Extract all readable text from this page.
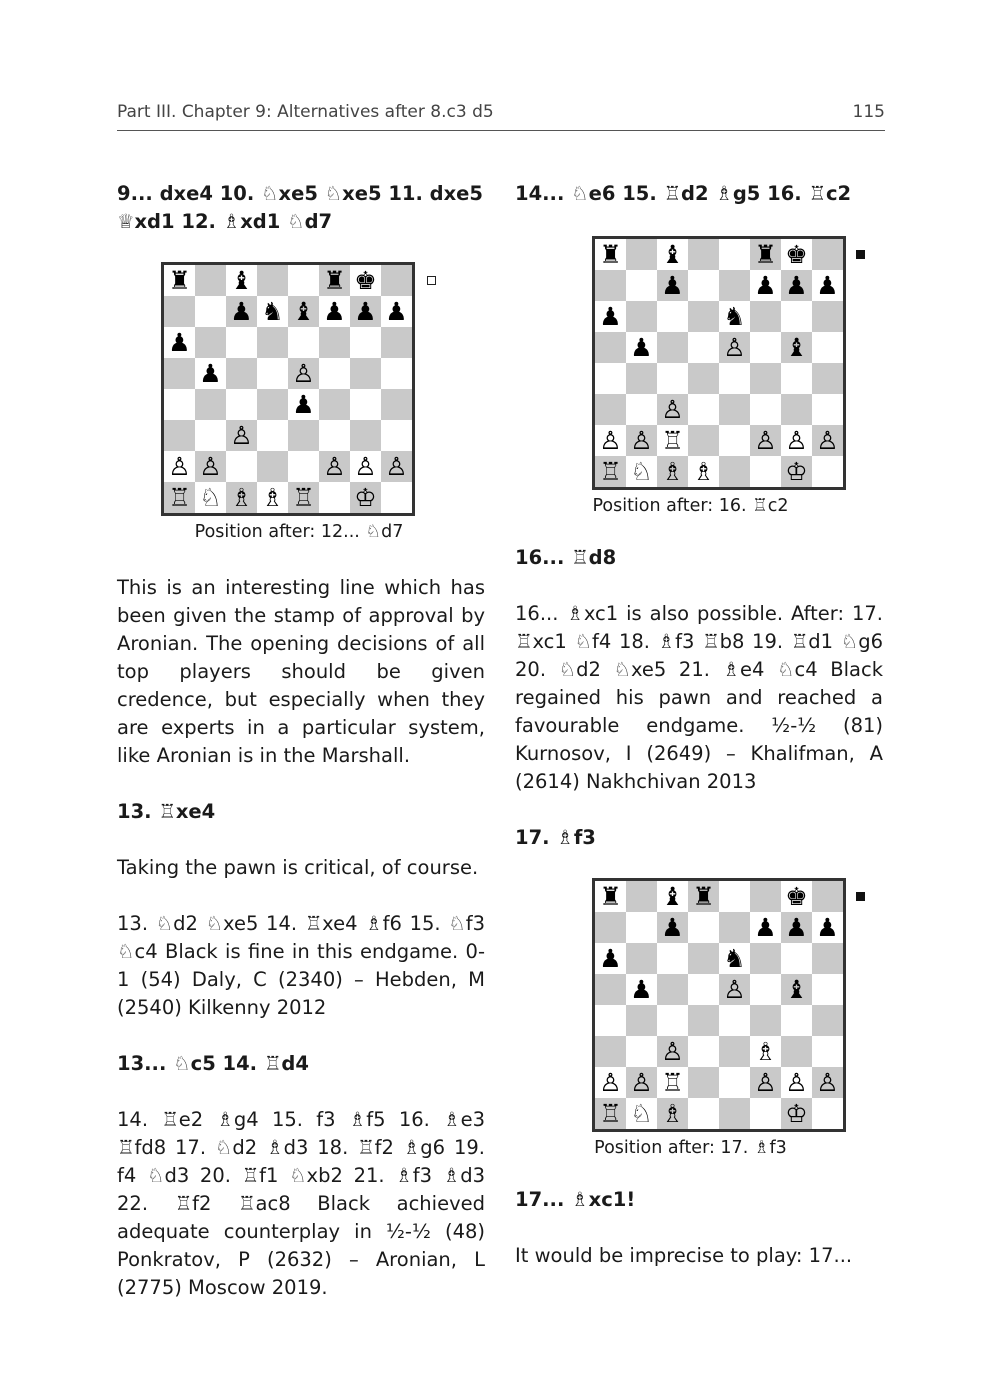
Part III. Chapter 9: Alternatives after 8.c3 d5	115

9... dxe4 10. ♘xe5 ♘xe5 11. dxe5 ♕xd1 12. ♗xd1 ♘d7

♜ ♝	♜ ♚
♟ ♞ ♝ ♟ ♟ ♟
♟
♟	♙
♟
♙
♙ ♙	♙ ♙ ♙
♖ ♘ ♗ ♗ ♖ ♔
Position after: 12... ♘d7

This is an interesting line which has been given the stamp of approval by Aronian. The opening decisions of all top players should be given credence, but especially when they are experts in a particular system, like Aronian is in the Marshall.

13. ♖xe4

Taking the pawn is critical, of course.

13. ♘d2 ♘xe5 14. ♖xe4 ♗f6 15. ♘f3 ♘c4 Black is fine in this endgame. 0-1 (54) Daly, C (2340) – Hebden, M (2540) Kilkenny 2012

13... ♘c5 14. ♖d4

14. ♖e2 ♗g4 15. f3 ♗f5 16. ♗e3 ♖fd8 17. ♘d2 ♗d3 18. ♖f2 ♗g6 19. f4 ♘d3 20. ♖f1 ♘xb2 21. ♗f3 ♗d3 22. ♖f2 ♖ac8 Black achieved adequate counterplay in ½-½ (48) Ponkratov, P (2632) – Aronian, L (2775) Moscow 2019.

14... ♘e6 15. ♖d2 ♗g5 16. ♖c2

♜ ♝	♜ ♚
♟	♟ ♟ ♟
♟	♞
♟	♙ ♝
♙
♙ ♙ ♖	♙ ♙ ♙
♖ ♘ ♗ ♗	♔
Position after: 16. ♖c2

16... ♖d8

16... ♗xc1 is also possible. After: 17. ♖xc1 ♘f4 18. ♗f3 ♖b8 19. ♖d1 ♘g6 20. ♘d2 ♘xe5 21. ♗e4 ♘c4 Black regained his pawn and reached a favourable endgame. ½-½ (81) Kurnosov, I (2649) – Khalifman, A (2614) Nakhchivan 2013

17. ♗f3

♜ ♝ ♜	♚
♟	♟ ♟ ♟
♟	♞
♟	♙ ♝
♙	♗
♙ ♙ ♖	♙ ♙ ♙
♖ ♘ ♗	♔
Position after: 17. ♗f3

17... ♗xc1!

It would be imprecise to play: 17...
